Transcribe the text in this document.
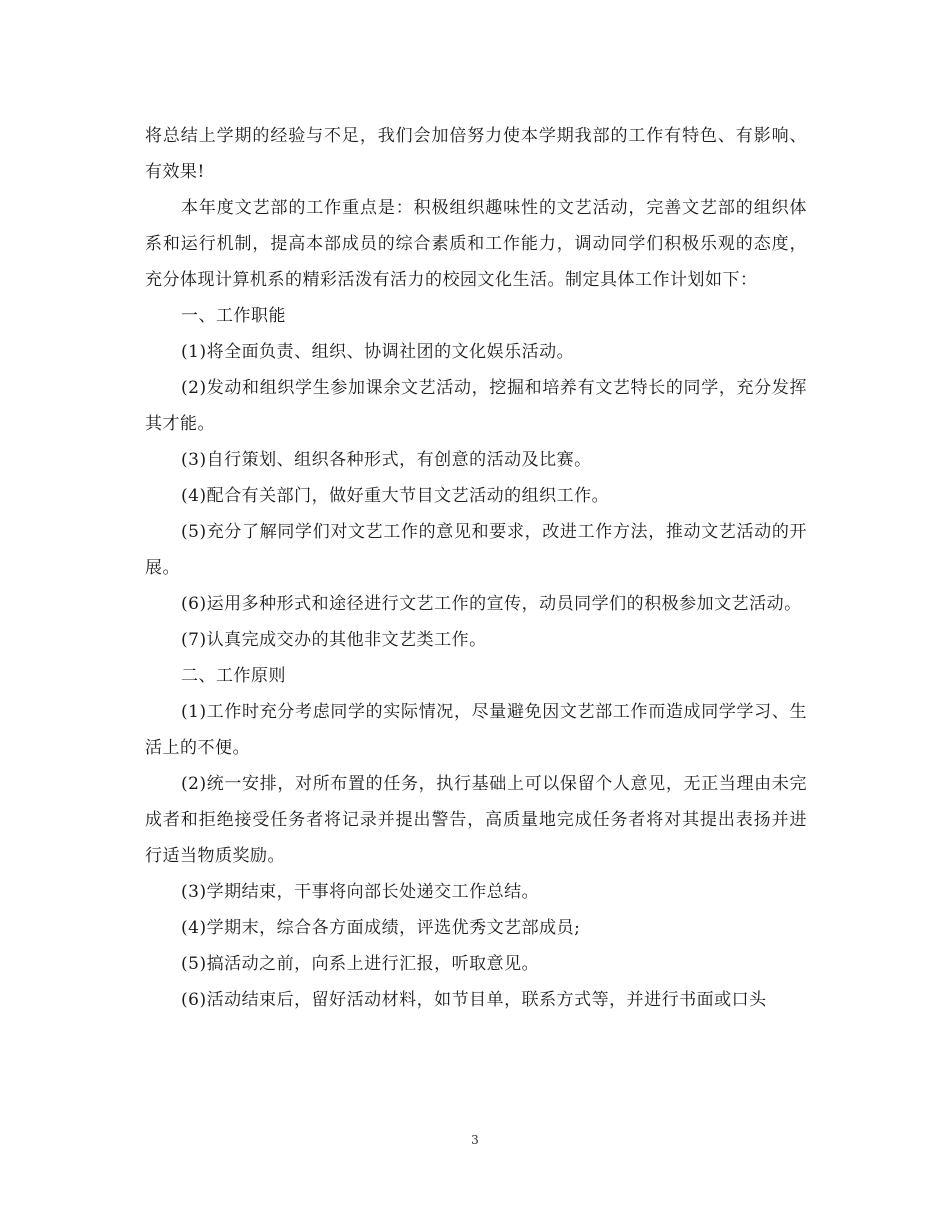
将总结上学期的经验与不足，我们会加倍努力使本学期我部的工作有特色、有影响、有效果!

本年度文艺部的工作重点是：积极组织趣味性的文艺活动，完善文艺部的组织体系和运行机制，提高本部成员的综合素质和工作能力，调动同学们积极乐观的态度，充分体现计算机系的精彩活泼有活力的校园文化生活。制定具体工作计划如下：

一、工作职能

(1)将全面负责、组织、协调社团的文化娱乐活动。

(2)发动和组织学生参加课余文艺活动，挖掘和培养有文艺特长的同学，充分发挥其才能。

(3)自行策划、组织各种形式，有创意的活动及比赛。

(4)配合有关部门，做好重大节目文艺活动的组织工作。

(5)充分了解同学们对文艺工作的意见和要求，改进工作方法，推动文艺活动的开展。

(6)运用多种形式和途径进行文艺工作的宣传，动员同学们的积极参加文艺活动。

(7)认真完成交办的其他非文艺类工作。

二、工作原则

(1)工作时充分考虑同学的实际情况，尽量避免因文艺部工作而造成同学学习、生活上的不便。

(2)统一安排，对所布置的任务，执行基础上可以保留个人意见，无正当理由未完成者和拒绝接受任务者将记录并提出警告，高质量地完成任务者将对其提出表扬并进行适当物质奖励。

(3)学期结束，干事将向部长处递交工作总结。

(4)学期末，综合各方面成绩，评选优秀文艺部成员;

(5)搞活动之前，向系上进行汇报，听取意见。

(6)活动结束后，留好活动材料，如节目单，联系方式等，并进行书面或口头

3
